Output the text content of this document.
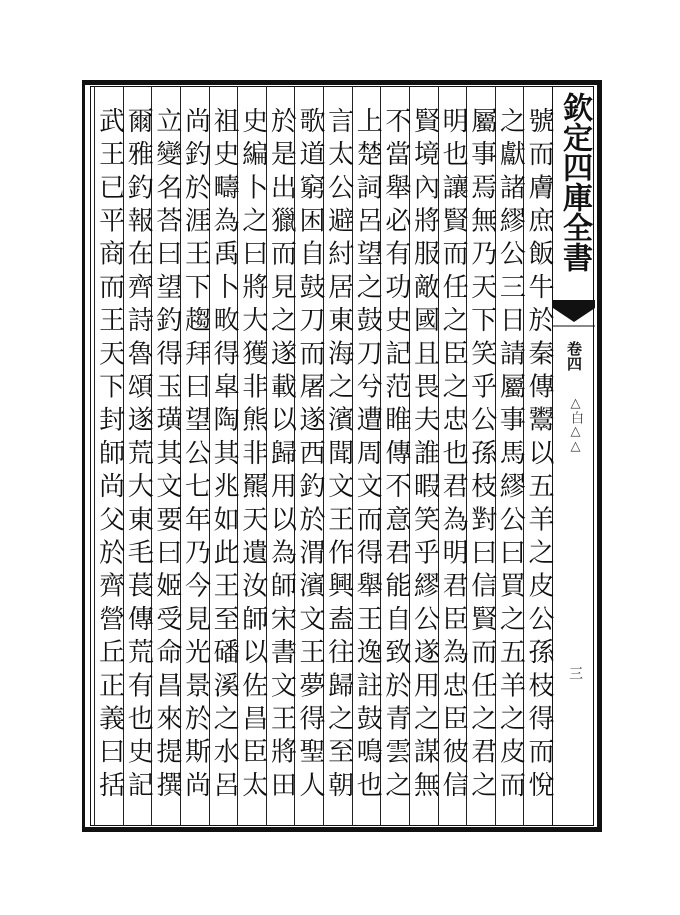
欽定四庫全書
卷四
△白△△
三
號而膚庶飯牛於秦傳鬻以五羊之皮公孫枝得而悅
之獻諸繆公三日請屬事馬繆公曰買之五羊之皮而
屬事焉無乃天下笑乎公孫枝對曰信賢而任之君之
明也讓賢而任之臣之忠也君為明君臣為忠臣彼信
賢境內將服敵國且畏夫誰暇笑乎繆公遂用之謀無
不當舉必有功史記范睢傳不意君能自致於青雲之
上楚詞呂望之鼓刀兮遭周文而得舉王逸註鼓鳴也
言太公避紂居東海之濱聞文王作興盍往歸之至朝
歌道窮困自鼓刀而屠遂西釣於渭濱文王夢得聖人
於是出獵而見之遂載以歸用以為師宋書文王將田
史編卜之曰將大獲非熊非羆天遺汝師以佐昌臣太
祖史疇為禹卜畋得皐陶其兆如此王至磻溪之水呂
尚釣於涯王下趨拜曰望公七年乃今見光景於斯尚
立變名荅曰望釣得玉璜其文要曰姬受命昌來提撰
爾雅釣報在齊詩魯頌遂荒大東毛萇傳荒有也史記
武王已平商而王天下封師尚父於齊營丘正義曰括
